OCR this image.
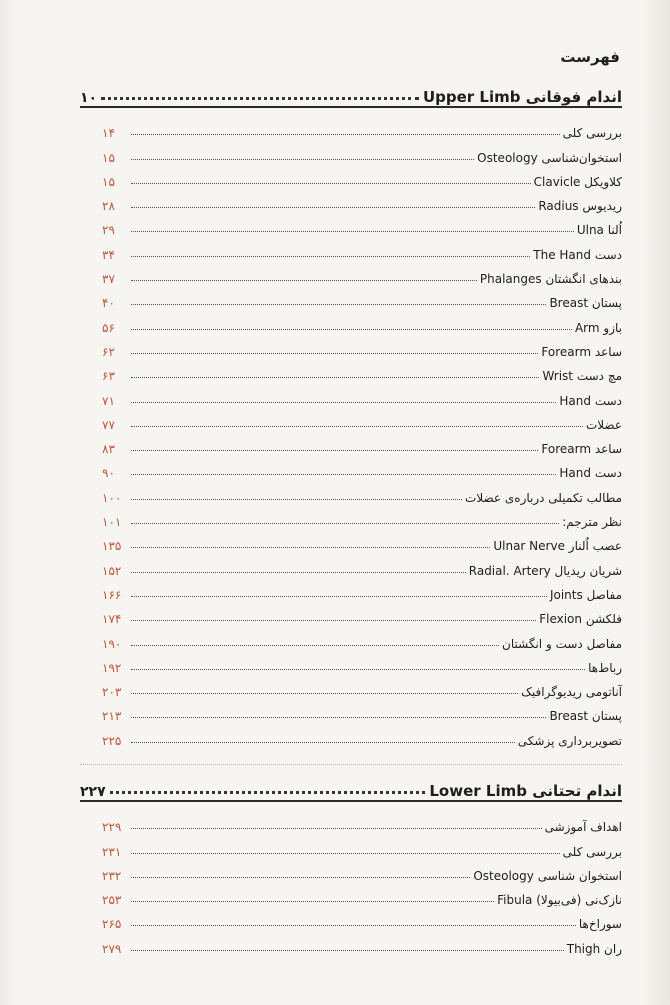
فهرست
اندام فوقانی Upper Limb
۱۰
بررسی کلی
۱۴
استخوان‌شناسی Osteology
۱۵
کلاویکل Clavicle
۱۵
ریدیوس Radius
۲۸
اُلنا Ulna
۲۹
دست The Hand
۳۴
بندهای انگشتان Phalanges
۳۷
پستان Breast
۴۰
بازو Arm
۵۶
ساعد Forearm
۶۲
مچ دست Wrist
۶۳
دست Hand
۷۱
عضلات
۷۷
ساعد Forearm
۸۳
دست Hand
۹۰
مطالب تکمیلی درباره‌ی عضلات
۱۰۰
نظر مترجم:
۱۰۱
عصب اُلنار Ulnar Nerve
۱۳۵
شریان ریدیال Radial. Artery
۱۵۲
مفاصل Joints
۱۶۶
فلکشن Flexion
۱۷۴
مفاصل دست و انگشتان
۱۹۰
رباط‌ها
۱۹۲
آناتومی ریدیوگرافیک
۲۰۳
پستان Breast
۲۱۳
تصویربرداری پزشکی
۲۲۵
اندام تحتانی Lower Limb
۲۲۷
اهداف آموزشی
۲۲۹
بررسی کلی
۲۳۱
استخوان شناسی Osteology
۲۳۲
نازک‌نی (فی‌بیولا) Fibula
۲۵۳
سوراخ‌ها
۲۶۵
ران Thigh
۲۷۹
